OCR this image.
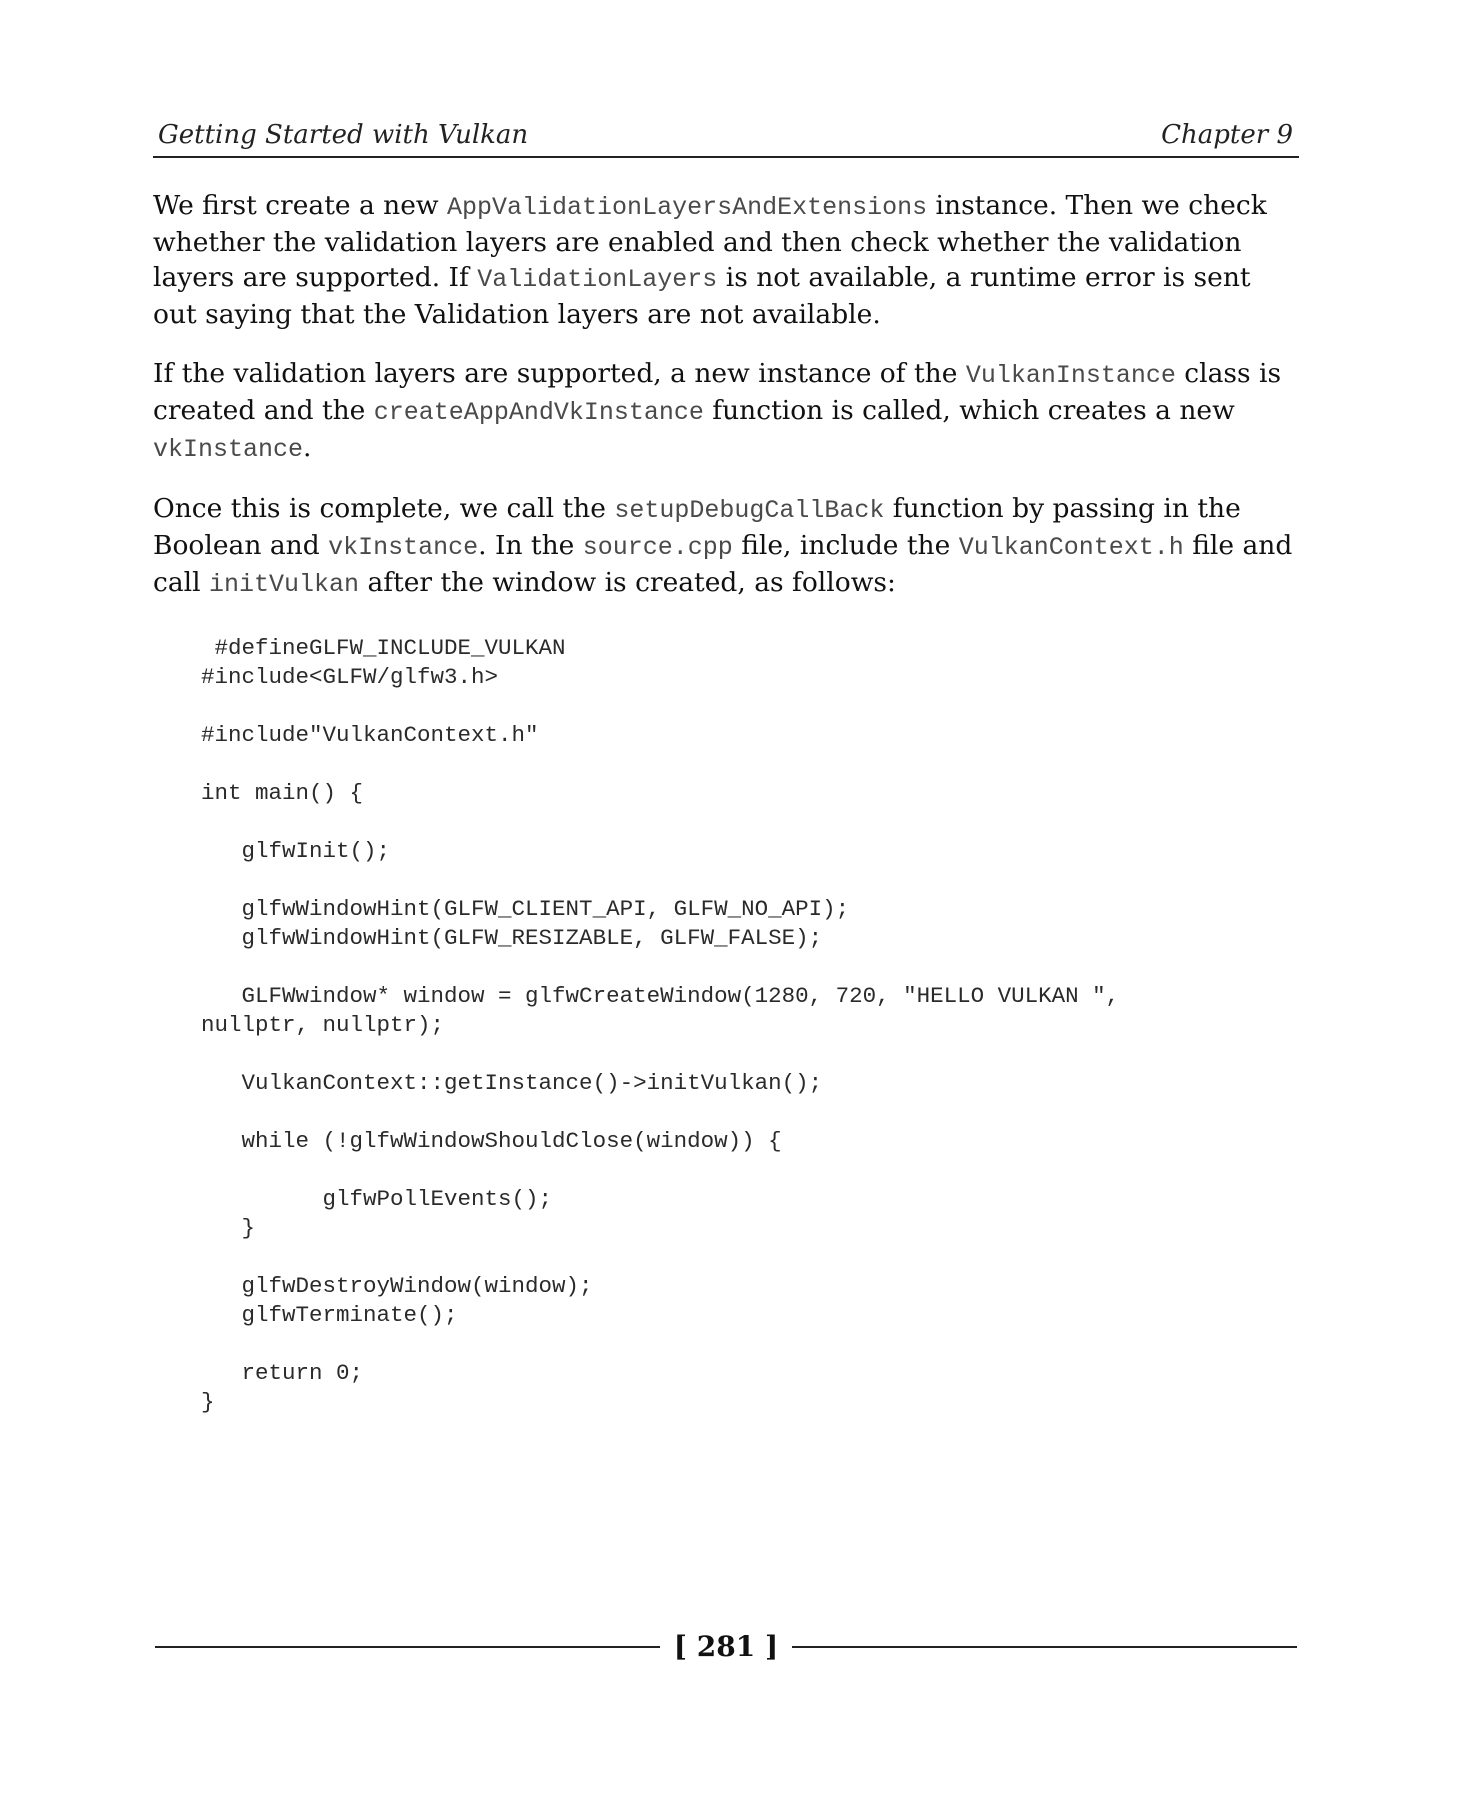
Getting Started with Vulkan	Chapter 9

We first create a new AppValidationLayersAndExtensions instance. Then we check whether the validation layers are enabled and then check whether the validation layers are supported. If ValidationLayers is not available, a runtime error is sent out saying that the Validation layers are not available.

If the validation layers are supported, a new instance of the VulkanInstance class is created and the createAppAndVkInstance function is called, which creates a new vkInstance.

Once this is complete, we call the setupDebugCallBack function by passing in the Boolean and vkInstance. In the source.cpp file, include the VulkanContext.h file and call initVulkan after the window is created, as follows:

#defineGLFW_INCLUDE_VULKAN
#include<GLFW/glfw3.h>
#include"VulkanContext.h"
int main() {
glfwInit();
glfwWindowHint(GLFW_CLIENT_API, GLFW_NO_API);
glfwWindowHint(GLFW_RESIZABLE, GLFW_FALSE);
GLFWwindow* window = glfwCreateWindow(1280, 720, "HELLO VULKAN ",
nullptr, nullptr);
VulkanContext::getInstance()->initVulkan();
while (!glfwWindowShouldClose(window)) {
glfwPollEvents();
}
glfwDestroyWindow(window);
glfwTerminate();
return 0;
}
[ 281 ]
